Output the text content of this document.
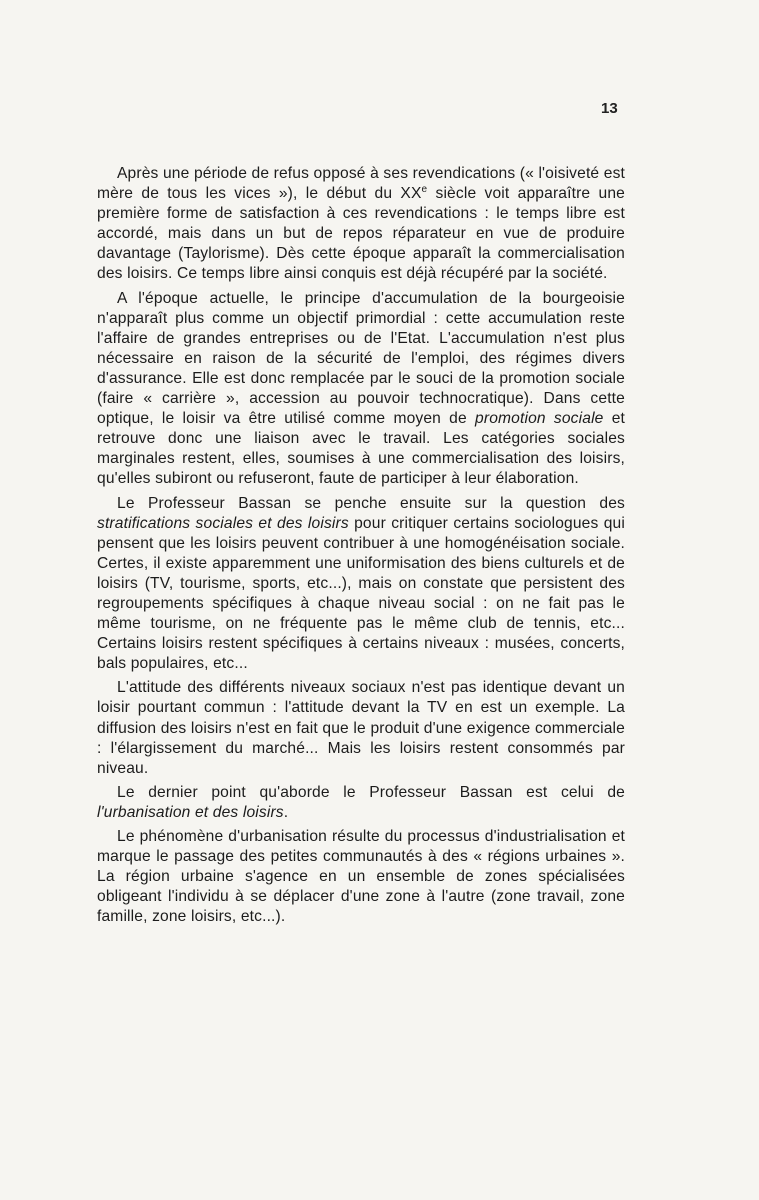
13

Après une période de refus opposé à ses revendications (« l'oisiveté est mère de tous les vices »), le début du XXe siècle voit apparaître une première forme de satisfaction à ces revendications : le temps libre est accordé, mais dans un but de repos réparateur en vue de produire davantage (Taylorisme). Dès cette époque apparaît la commercialisation des loisirs. Ce temps libre ainsi conquis est déjà récupéré par la société.

A l'époque actuelle, le principe d'accumulation de la bourgeoisie n'apparaît plus comme un objectif primordial : cette accumulation reste l'affaire de grandes entreprises ou de l'Etat. L'accumulation n'est plus nécessaire en raison de la sécurité de l'emploi, des régimes divers d'assurance. Elle est donc remplacée par le souci de la promotion sociale (faire « carrière », accession au pouvoir technocratique). Dans cette optique, le loisir va être utilisé comme moyen de promotion sociale et retrouve donc une liaison avec le travail. Les catégories sociales marginales restent, elles, soumises à une commercialisation des loisirs, qu'elles subiront ou refuseront, faute de participer à leur élaboration.

Le Professeur Bassan se penche ensuite sur la question des stratifications sociales et des loisirs pour critiquer certains sociologues qui pensent que les loisirs peuvent contribuer à une homogénéisation sociale. Certes, il existe apparemment une uniformisation des biens culturels et de loisirs (TV, tourisme, sports, etc...), mais on constate que persistent des regroupements spécifiques à chaque niveau social : on ne fait pas le même tourisme, on ne fréquente pas le même club de tennis, etc... Certains loisirs restent spécifiques à certains niveaux : musées, concerts, bals populaires, etc...

L'attitude des différents niveaux sociaux n'est pas identique devant un loisir pourtant commun : l'attitude devant la TV en est un exemple. La diffusion des loisirs n'est en fait que le produit d'une exigence commerciale : l'élargissement du marché... Mais les loisirs restent consommés par niveau.

Le dernier point qu'aborde le Professeur Bassan est celui de l'urbanisation et des loisirs.

Le phénomène d'urbanisation résulte du processus d'industrialisation et marque le passage des petites communautés à des « régions urbaines ». La région urbaine s'agence en un ensemble de zones spécialisées obligeant l'individu à se déplacer d'une zone à l'autre (zone travail, zone famille, zone loisirs, etc...).
